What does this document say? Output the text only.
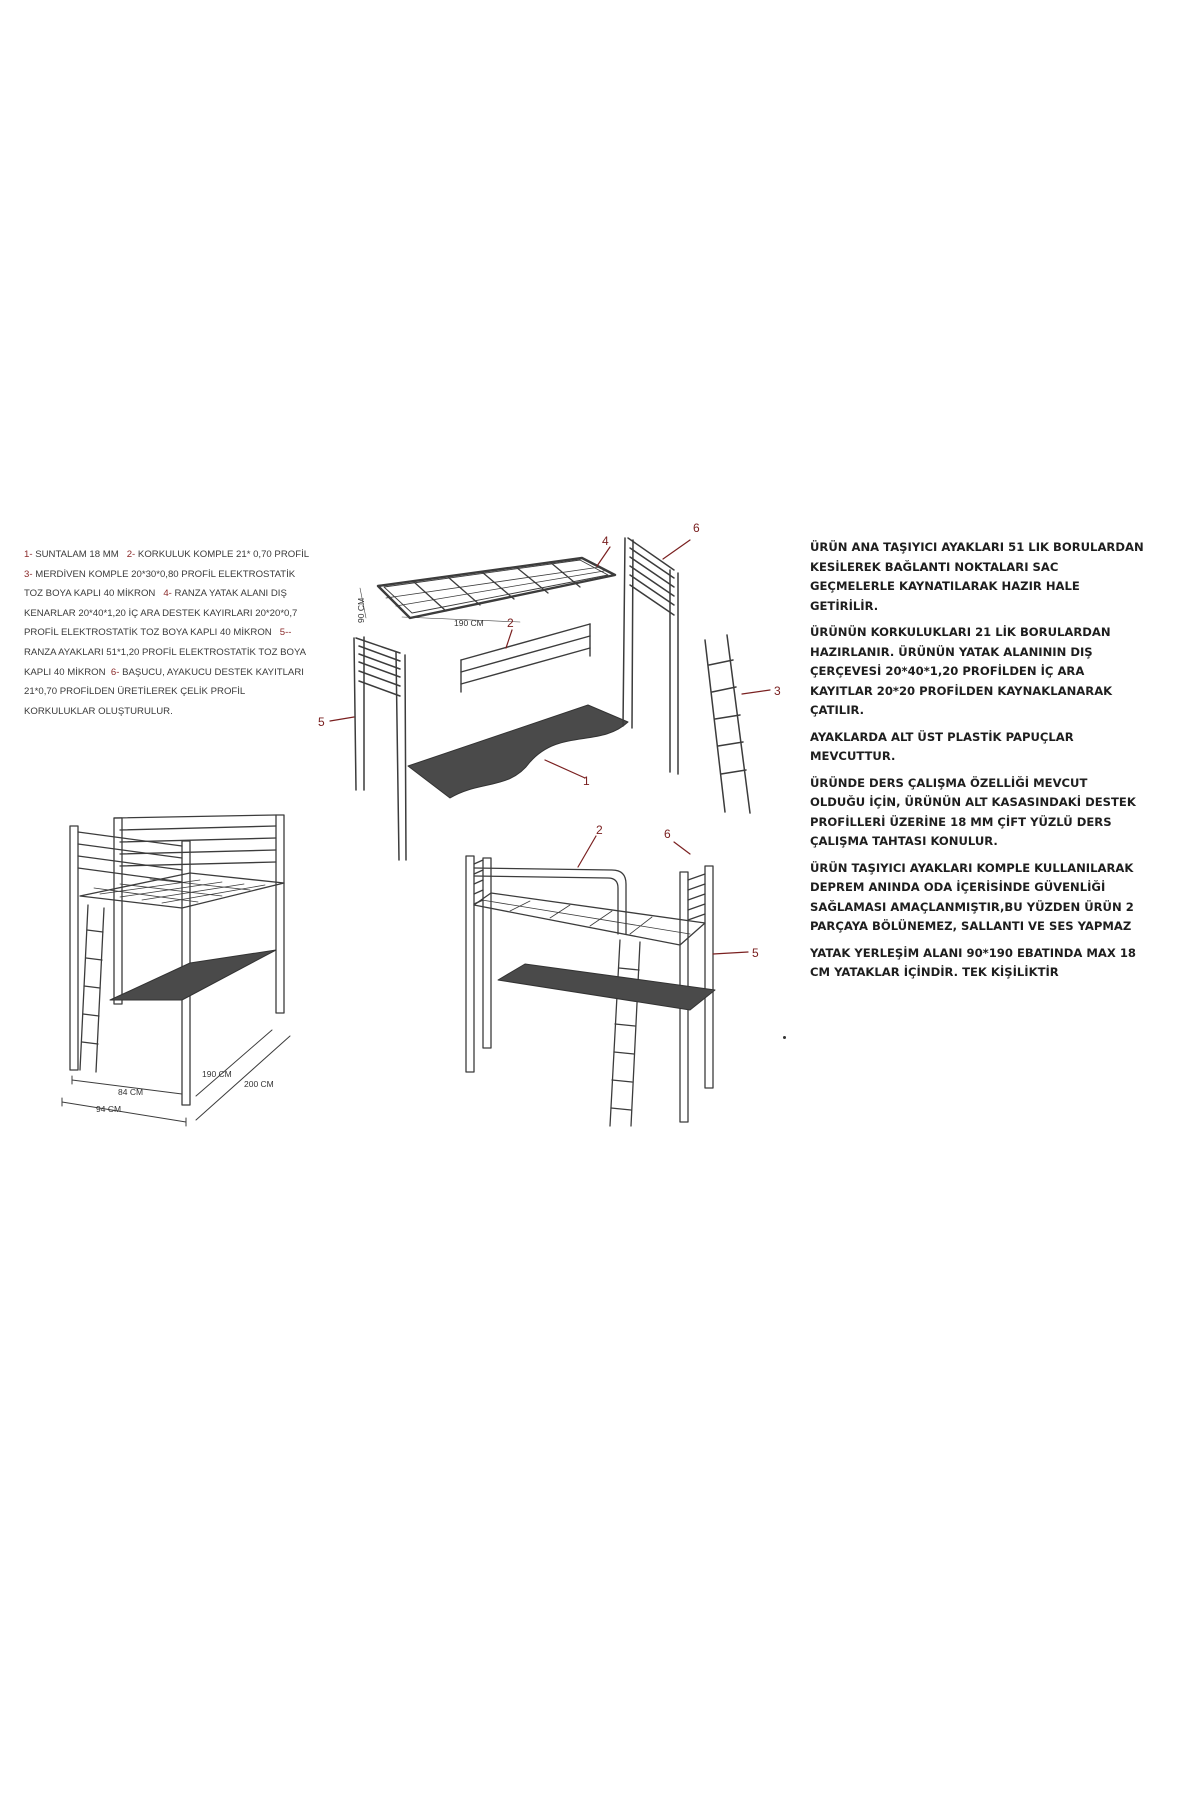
1- SUNTALAM 18 MM 2- KORKULUK KOMPLE 21* 0,70 PROFİL 3- MERDİVEN KOMPLE 20*30*0,80 PROFİL ELEKTROSTATİK TOZ BOYA KAPLI 40 MİKRON 4- RANZA YATAK ALANI DIŞ KENARLAR 20*40*1,20 İÇ ARA DESTEK KAYIRLARI 20*20*0,7 PROFİL ELEKTROSTATİK TOZ BOYA KAPLI 40 MİKRON 5-- RANZA AYAKLARI 51*1,20 PROFİL ELEKTROSTATİK TOZ BOYA KAPLI 40 MİKRON 6- BAŞUCU, AYAKUCU DESTEK KAYITLARI 21*0,70 PROFİLDEN ÜRETİLEREK ÇELİK PROFİL KORKULUKLAR OLUŞTURULUR.

ÜRÜN ANA TAŞIYICI AYAKLARI 51 LIK BORULARDAN KESİLEREK BAĞLANTI NOKTALARI SAC GEÇMELERLE KAYNATILARAK HAZIR HALE GETİRİLİR.

ÜRÜNÜN KORKULUKLARI 21 LİK BORULARDAN HAZIRLANIR. ÜRÜNÜN YATAK ALANININ DIŞ ÇERÇEVESİ 20*40*1,20 PROFİLDEN İÇ ARA KAYITLAR 20*20 PROFİLDEN KAYNAKLANARAK ÇATILIR.

AYAKLARDA ALT ÜST PLASTİK PAPUÇLAR MEVCUTTUR.

ÜRÜNDE DERS ÇALIŞMA ÖZELLİĞİ MEVCUT OLDUĞU İÇİN, ÜRÜNÜN ALT KASASINDAKİ DESTEK PROFİLLERİ ÜZERİNE 18 MM ÇİFT YÜZLÜ DERS ÇALIŞMA TAHTASI KONULUR.

ÜRÜN TAŞIYICI AYAKLARI KOMPLE KULLANILARAK DEPREM ANINDA ODA İÇERİSİNDE GÜVENLİĞİ SAĞLAMASI AMAÇLANMIŞTIR,BU YÜZDEN ÜRÜN 2 PARÇAYA BÖLÜNEMEZ, SALLANTI VE SES YAPMAZ

YATAK YERLEŞİM ALANI 90*190 EBATINDA MAX 18 CM YATAKLAR İÇİNDİR. TEK KİŞİLİKTİR

190 CM
90 CM
4
5
1
2
6
3
84 CM
94 CM
190 CM
200 CM
2	6
5
